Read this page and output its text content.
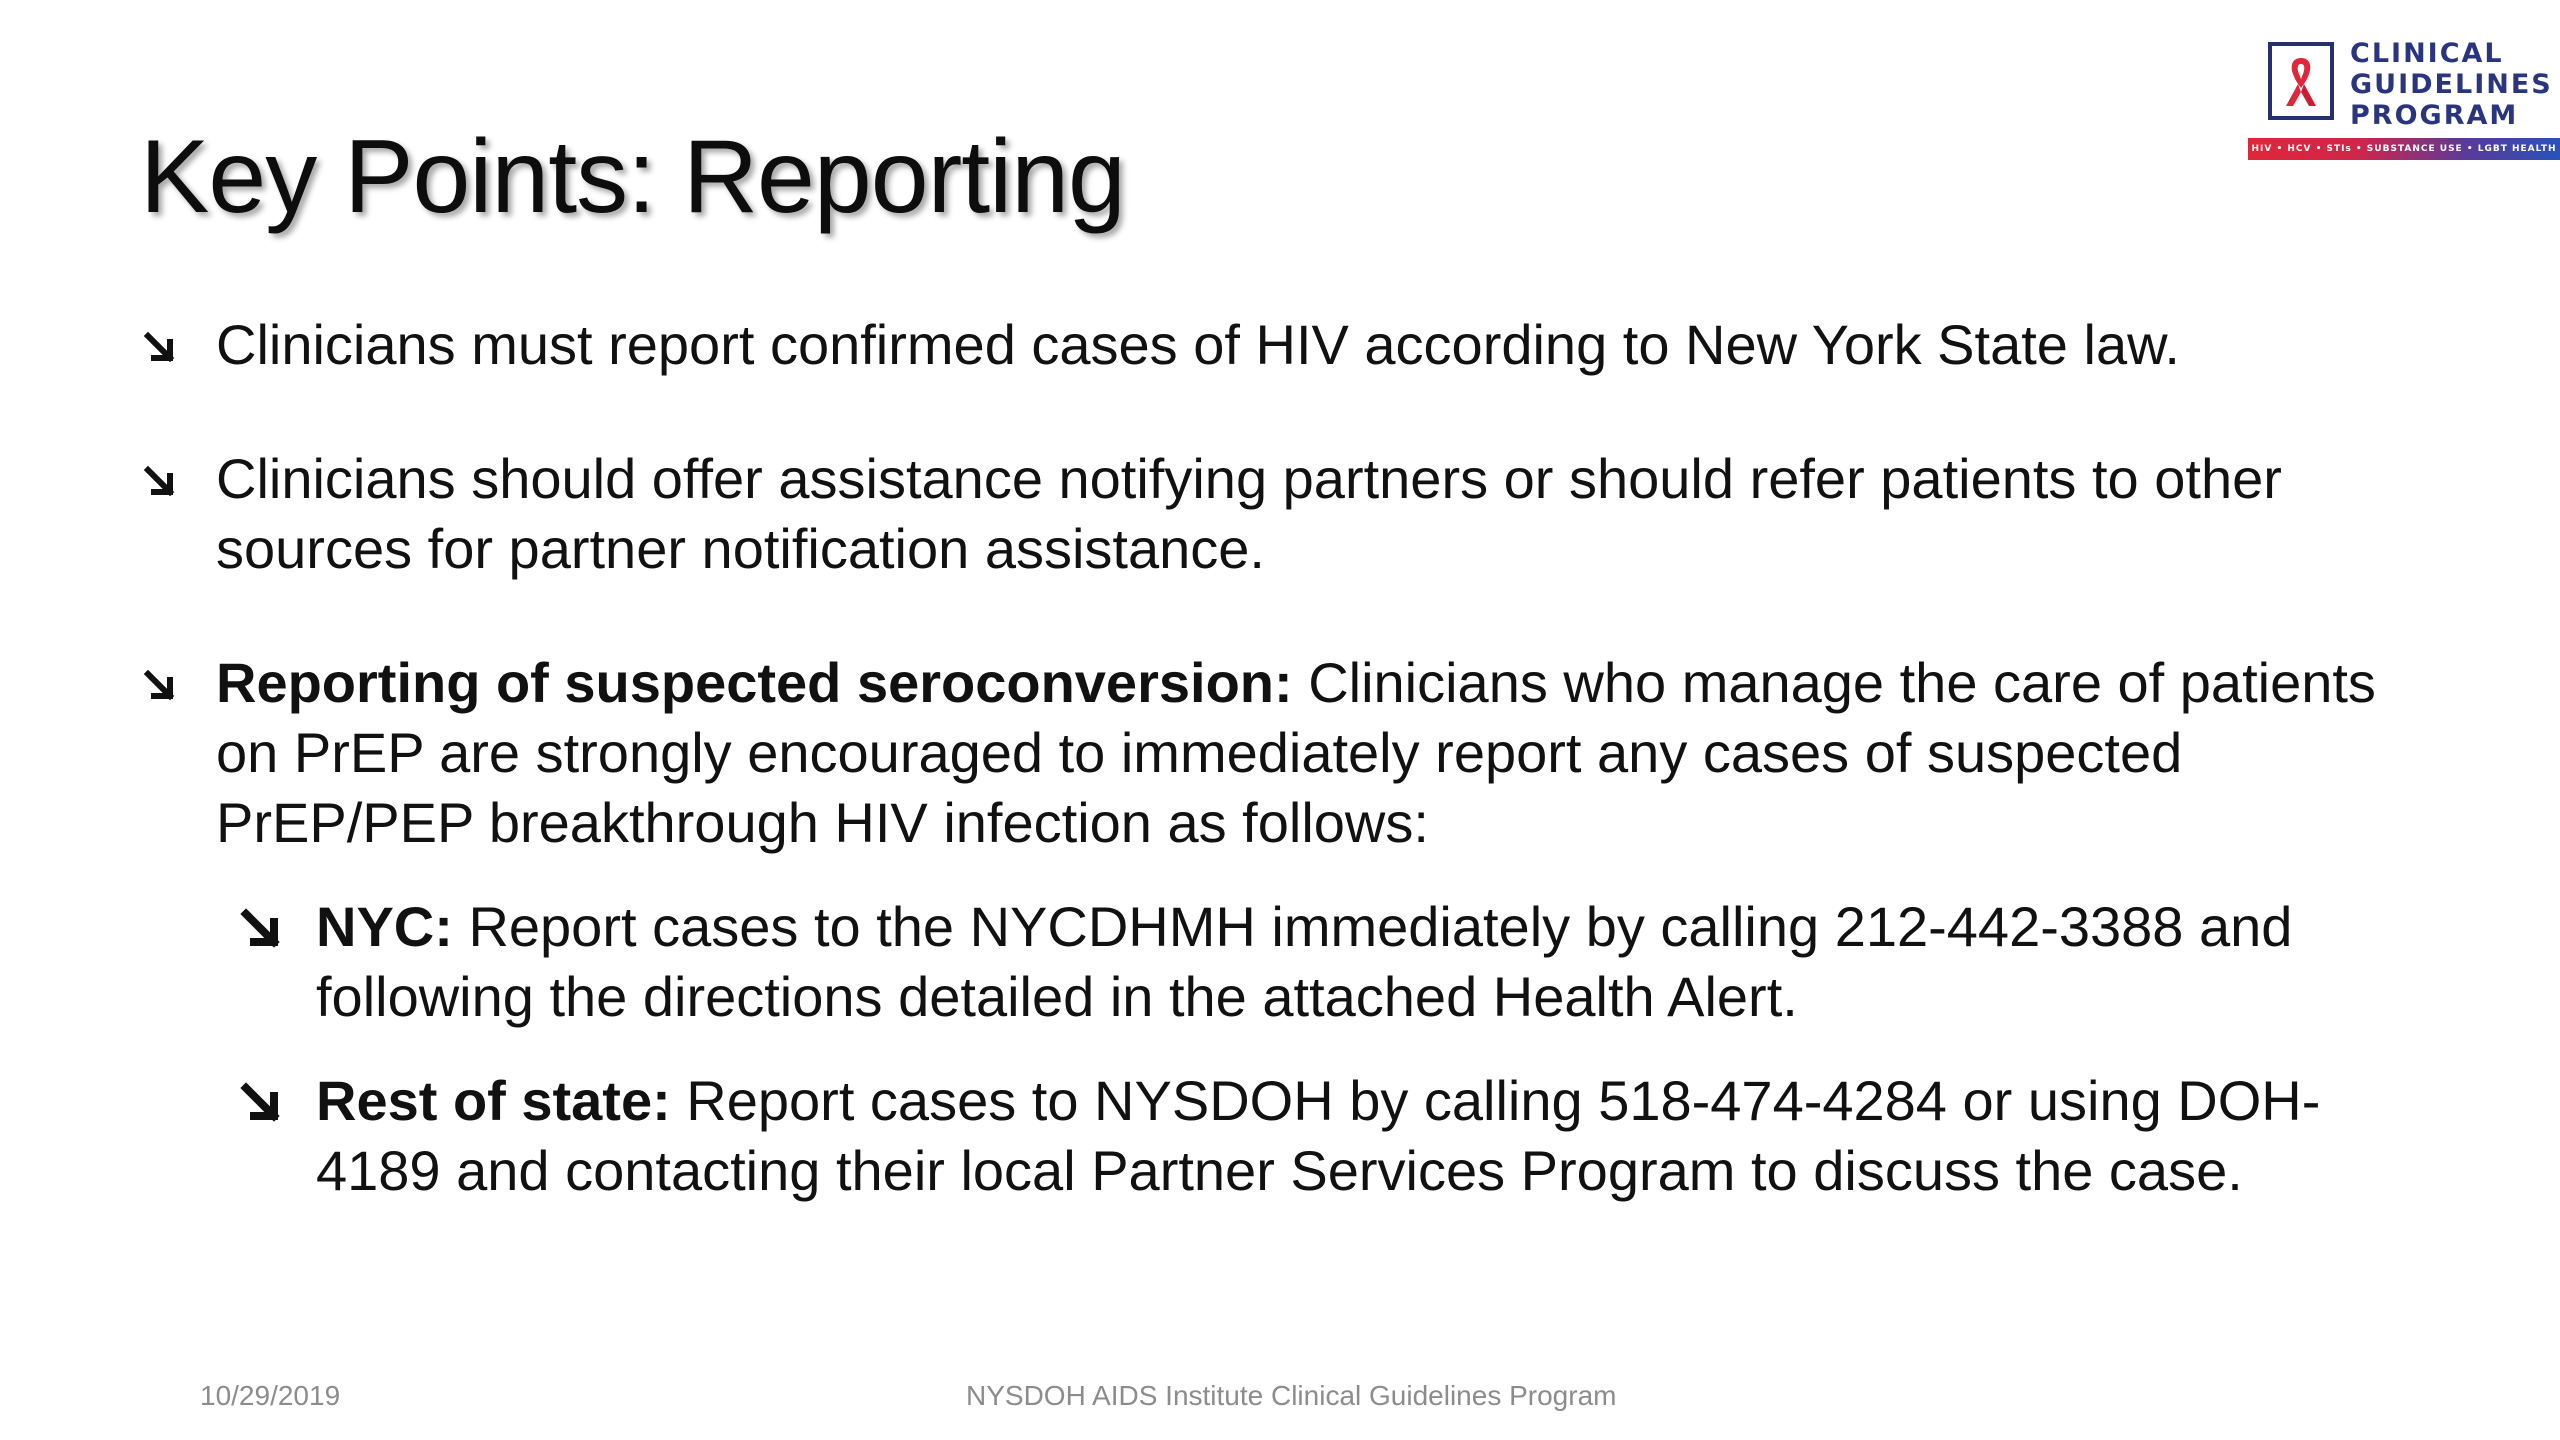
Key Points: Reporting
CLINICAL
GUIDELINES
PROGRAM
HIV • HCV • STIs • SUBSTANCE USE • LGBT HEALTH
Clinicians must report confirmed cases of HIV according to New York State law.
Clinicians should offer assistance notifying partners or should refer patients to other sources for partner notification assistance.
Reporting of suspected seroconversion: Clinicians who manage the care of patients on PrEP are strongly encouraged to immediately report any cases of suspected PrEP/PEP breakthrough HIV infection as follows:
NYC: Report cases to the NYCDHMH immediately by calling 212-442-3388 and following the directions detailed in the attached Health Alert.
Rest of state: Report cases to NYSDOH by calling 518-474-4284 or using DOH-4189 and contacting their local Partner Services Program to discuss the case.
10/29/2019	NYSDOH AIDS Institute Clinical Guidelines Program
